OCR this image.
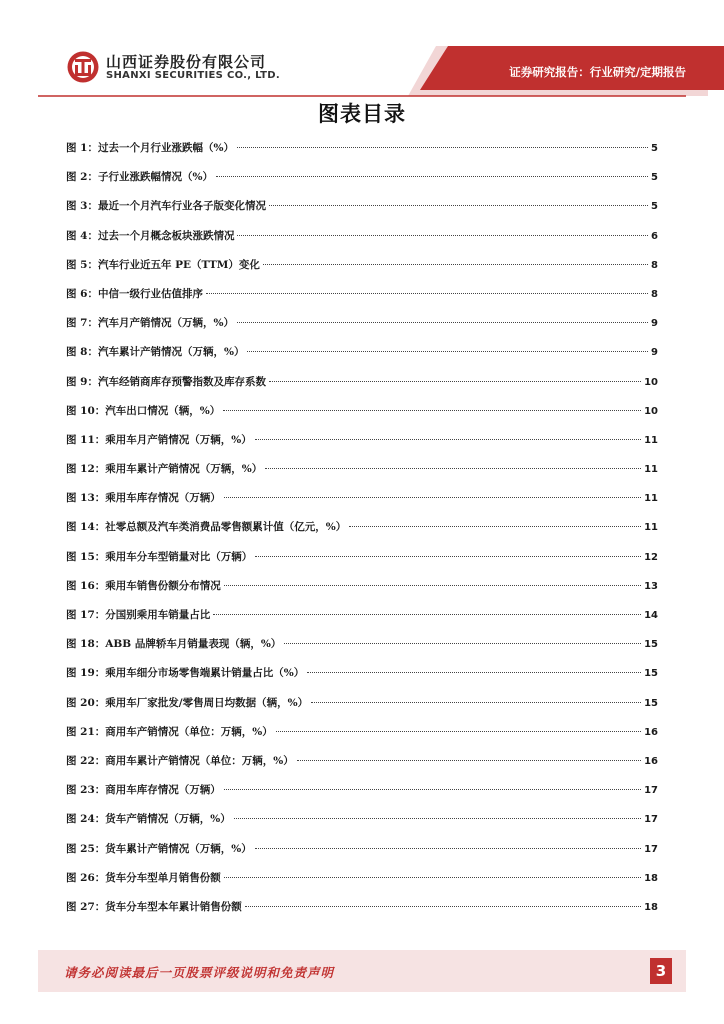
山西证券股份有限公司
SHANXI SECURITIES CO., LTD.	证券研究报告：行业研究/定期报告
图表目录
图 1：过去一个月行业涨跌幅（%）	5
图 2：子行业涨跌幅情况（%）	5
图 3：最近一个月汽车行业各子版变化情况	5
图 4：过去一个月概念板块涨跌情况	6
图 5：汽车行业近五年 PE（TTM）变化	8
图 6：中信一级行业估值排序	8
图 7：汽车月产销情况（万辆，%）	9
图 8：汽车累计产销情况（万辆，%）	9
图 9：汽车经销商库存预警指数及库存系数	10
图 10：汽车出口情况（辆，%）	10
图 11：乘用车月产销情况（万辆，%）	11
图 12：乘用车累计产销情况（万辆，%）	11
图 13：乘用车库存情况（万辆）	11
图 14：社零总额及汽车类消费品零售额累计值（亿元，%）	11
图 15：乘用车分车型销量对比（万辆）	12
图 16：乘用车销售份额分布情况	13
图 17：分国别乘用车销量占比	14
图 18：ABB 品牌轿车月销量表现（辆，%）	15
图 19：乘用车细分市场零售端累计销量占比（%）	15
图 20：乘用车厂家批发/零售周日均数据（辆，%）	15
图 21：商用车产销情况（单位：万辆，%）	16
图 22：商用车累计产销情况（单位：万辆，%）	16
图 23：商用车库存情况（万辆）	17
图 24：货车产销情况（万辆，%）	17
图 25：货车累计产销情况（万辆，%）	17
图 26：货车分车型单月销售份额	18
图 27：货车分车型本年累计销售份额	18
请务必阅读最后一页股票评级说明和免责声明	3
